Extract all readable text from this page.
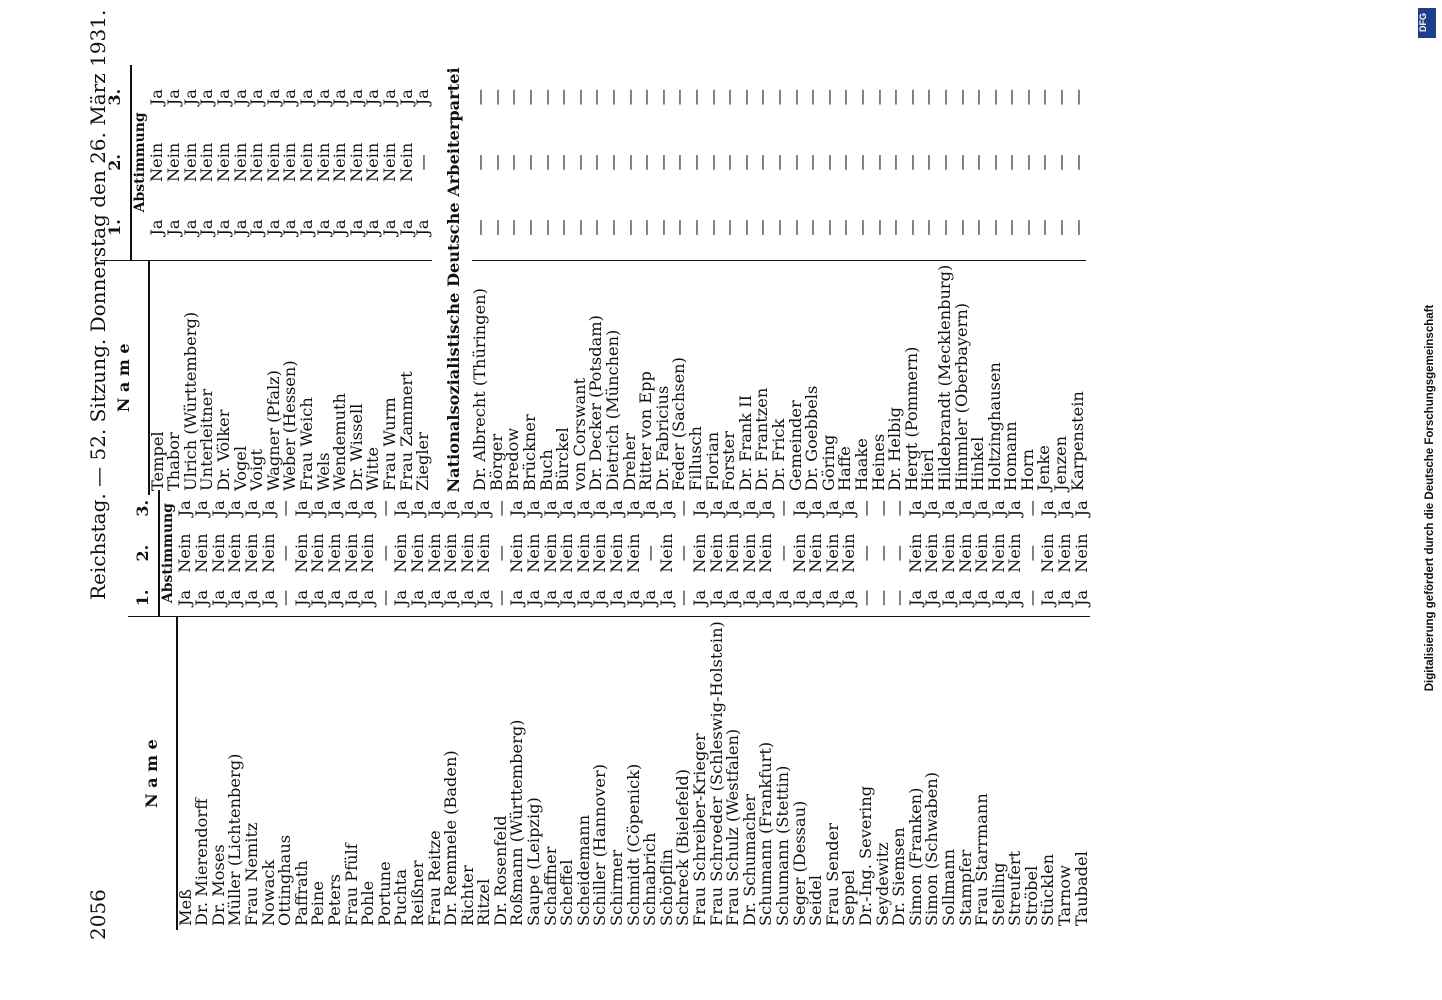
2056
Reichstag. — 52. Sitzung. Donnerstag den 26. März 1931.
N a m e	1.	2.	3.
	Abstimmung		
Meß	Ja	Nein	Ja
Dr. Mierendorff	Ja	Nein	Ja
Dr. Moses	Ja	Nein	Ja
Müller (Lichtenberg)	Ja	Nein	Ja
Frau Nemitz	Ja	Nein	Ja
Nowack	Ja	Nein	Ja
Ottinghaus	—	—	—
Paffrath	Ja	Nein	Ja
Peine	Ja	Nein	Ja
Peters	Ja	Nein	Ja
Frau Pfülf	Ja	Nein	Ja
Pohle	Ja	Nein	Ja
Portune	—	—	—
Puchta	Ja	Nein	Ja
Reißner	Ja	Nein	Ja
Frau Reitze	Ja	Nein	Ja
Dr. Remmele (Baden)	Ja	Nein	Ja
Richter	Ja	Nein	Ja
Ritzel	Ja	Nein	Ja
Dr. Rosenfeld	—	—	—
Roßmann (Württemberg)	Ja	Nein	Ja
Saupe (Leipzig)	Ja	Nein	Ja
Schaffner	Ja	Nein	Ja
Scheffel	Ja	Nein	Ja
Scheidemann	Ja	Nein	Ja
Schiller (Hannover)	Ja	Nein	Ja
Schirmer	Ja	Nein	Ja
Schmidt (Cöpenick)	Ja	Nein	Ja
Schnabrich	Ja	—	Ja
Schöpflin	Ja	Nein	Ja
Schreck (Bielefeld)	—	—	—
Frau Schreiber-Krieger	Ja	Nein	Ja
Frau Schroeder (Schleswig-Holstein)	Ja	Nein	Ja
Frau Schulz (Westfalen)	Ja	Nein	Ja
Dr. Schumacher	Ja	Nein	Ja
Schumann (Frankfurt)	Ja	Nein	Ja
Schumann (Stettin)	Ja	—	—
Seger (Dessau)	Ja	Nein	Ja
Seidel	Ja	Nein	Ja
Frau Sender	Ja	Nein	Ja
Seppel	Ja	Nein	Ja
Dr.-Ing. Severing	—	—	—
Seydewitz	—	—	—
Dr. Siemsen	—	—	—
Simon (Franken)	Ja	Nein	Ja
Simon (Schwaben)	Ja	Nein	Ja
Sollmann	Ja	Nein	Ja
Stampfer	Ja	Nein	Ja
Frau Starrmann	Ja	Nein	Ja
Stelling	Ja	Nein	Ja
Streufert	Ja	Nein	Ja
Ströbel	—	—	—
Stücklen	Ja	Nein	Ja
Tarnow	Ja	Nein	Ja
Taubadel	Ja	Nein	Ja
N a m e	1.	2.	3.
	Abstimmung		
Tempel	Ja	Nein	Ja
Thabor	Ja	Nein	Ja
Ulrich (Württemberg)	Ja	Nein	Ja
Unterleitner	Ja	Nein	Ja
Dr. Völker	Ja	Nein	Ja
Vogel	Ja	Nein	Ja
Voigt	Ja	Nein	Ja
Wagner (Pfalz)	Ja	Nein	Ja
Weber (Hessen)	Ja	Nein	Ja
Frau Weich	Ja	Nein	Ja
Wels	Ja	Nein	Ja
Wendemuth	Ja	Nein	Ja
Dr. Wissell	Ja	Nein	Ja
Witte	Ja	Nein	Ja
Frau Wurm	Ja	Nein	Ja
Frau Zammert	Ja	Nein	Ja
Ziegler	Ja	—	Ja
Nationalsozialistische Deutsche Arbeiterpartei			
Dr. Albrecht (Thüringen)	—	—	—
Börger	—	—	—
Bredow	—	—	—
Brückner	—	—	—
Buch	—	—	—
Bürckel	—	—	—
von Corswant	—	—	—
Dr. Decker (Potsdam)	—	—	—
Dietrich (München)	—	—	—
Dreher	—	—	—
Ritter von Epp	—	—	—
Dr. Fabricius	—	—	—
Feder (Sachsen)	—	—	—
Fillusch	—	—	—
Florian	—	—	—
Forster	—	—	—
Dr. Frank II	—	—	—
Dr. Frantzen	—	—	—
Dr. Frick	—	—	—
Gemeinder	—	—	—
Dr. Goebbels	—	—	—
Göring	—	—	—
Haffe	—	—	—
Haake	—	—	—
Heines	—	—	—
Dr. Helbig	—	—	—
Hergt (Pommern)	—	—	—
Hierl	—	—	—
Hildebrandt (Mecklenburg)	—	—	—
Himmler (Oberbayern)	—	—	—
Hinkel	—	—	—
Holtzinghausen	—	—	—
Homann	—	—	—
Horn	—	—	—
Jenke	—	—	—
Jenzen	—	—	—
Karpenstein	—	—	—
Digitalisierung gefördert durch die Deutsche Forschungsgemeinschaft
DFG
